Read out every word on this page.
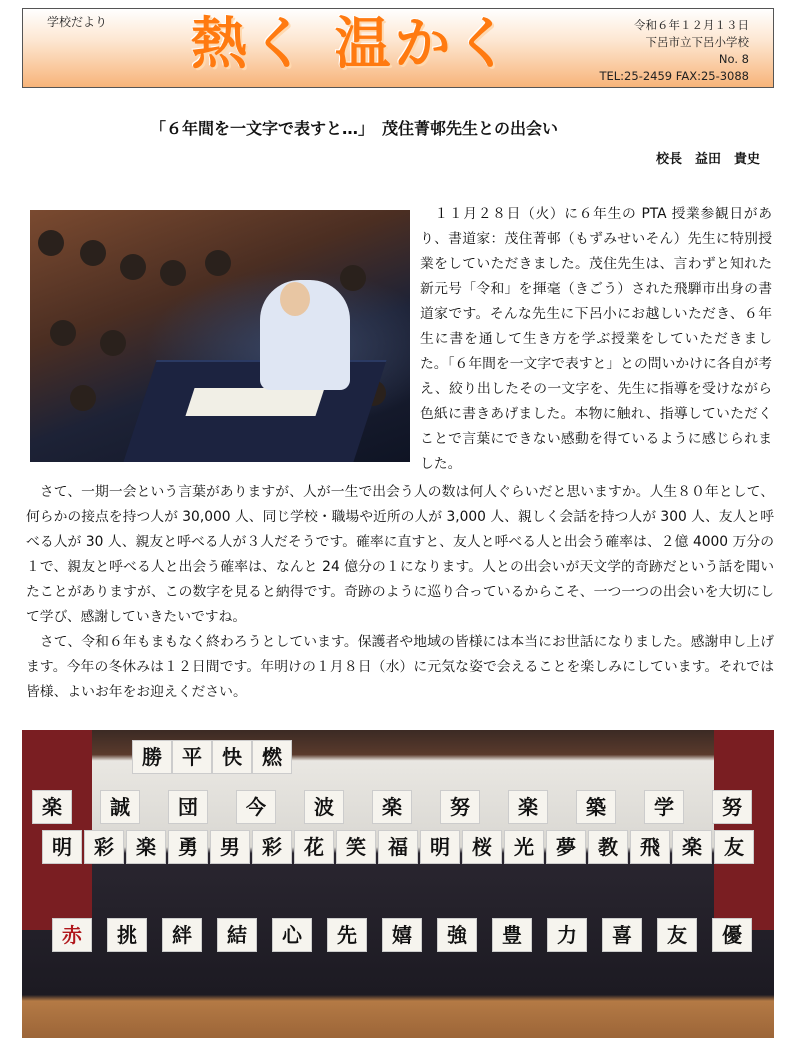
学校だより 熱く 温かく	令和６年１２月１３日
下呂市立下呂小学校
No. 8
TEL:25-2459 FAX:25-3088
「６年間を一文字で表すと…」　茂住菁邨先生との出会い
校長　益田　貴史

　１１月２８日（火）に６年生の PTA 授業参観日があり、書道家：茂住菁邨（もずみせいそん）先生に特別授業をしていただきました。茂住先生は、言わずと知れた新元号「令和」を揮毫（きごう）された飛騨市出身の書道家です。そんな先生に下呂小にお越しいただき、６年生に書を通して生き方を学ぶ授業をしていただきました。「６年間を一文字で表すと」との問いかけに各自が考え、絞り出したその一文字を、先生に指導を受けながら色紙に書きあげました。本物に触れ、指導していただくことで言葉にできない感動を得ているように感じられました。

　さて、一期一会という言葉がありますが、人が一生で出会う人の数は何人ぐらいだと思いますか。人生８０年として、何らかの接点を持つ人が 30,000 人、同じ学校・職場や近所の人が 3,000 人、親しく会話を持つ人が 300 人、友人と呼べる人が 30 人、親友と呼べる人が３人だそうです。確率に直すと、友人と呼べる人と出会う確率は、２億 4000 万分の１で、親友と呼べる人と出会う確率は、なんと 24 億分の１になります。人との出会いが天文学的奇跡だという話を聞いたことがありますが、この数字を見ると納得です。奇跡のように巡り合っているからこそ、一つ一つの出会いを大切にして学び、感謝していきたいですね。

　さて、令和６年もまもなく終わろうとしています。保護者や地域の皆様には本当にお世話になりました。感謝申し上げます。今年の冬休みは１２日間です。年明けの１月８日（水）に元気な姿で会えることを楽しみにしています。それでは皆様、よいお年をお迎えください。

勝	平	快	燃
楽	誠	団	今	波	楽	努	楽	築	学	努
明	彩	楽	勇	男	彩	花	笑	福	明	桜	光	夢	教	飛	楽	友
赤	挑	絆	結	心	先	嬉	強	豊	力	喜	友	優
